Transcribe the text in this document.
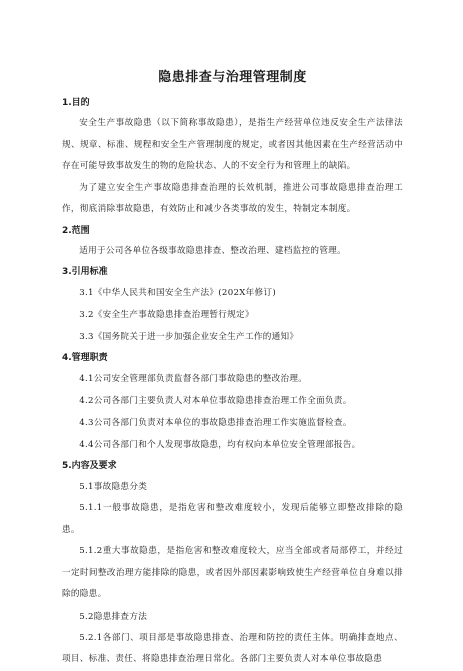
隐患排查与治理管理制度
1.目的

安全生产事故隐患（以下简称事故隐患），是指生产经营单位违反安全生产法律法规、规章、标准、规程和安全生产管理制度的规定，或者因其他因素在生产经营活动中存在可能导致事故发生的物的危险状态、人的不安全行为和管理上的缺陷。

为了建立安全生产事故隐患排查治理的长效机制，推进公司事故隐患排查治理工作，彻底消除事故隐患，有效防止和减少各类事故的发生，特制定本制度。

2.范围

适用于公司各单位各级事故隐患排查、整改治理、建档监控的管理。

3.引用标准

3.1《中华人民共和国安全生产法》(202X年修订)

3.2《安全生产事故隐患排查治理暂行规定》

3.3《国务院关于进一步加强企业安全生产工作的通知》

4.管理职责

4.1公司安全管理部负责监督各部门事故隐患的整改治理。

4.2公司各部门主要负责人对本单位事故隐患排查治理工作全面负责。

4.3公司各部门负责对本单位的事故隐患排查治理工作实施监督检查。

4.4公司各部门和个人发现事故隐患，均有权向本单位安全管理部报告。

5.内容及要求

5.1事故隐患分类

5.1.1一般事故隐患，是指危害和整改难度较小，发现后能够立即整改排除的隐患。

5.1.2重大事故隐患，是指危害和整改难度较大，应当全部或者局部停工，并经过一定时间整改治理方能排除的隐患，或者因外部因素影响致使生产经营单位自身难以排除的隐患。

5.2隐患排查方法

5.2.1各部门、项目部是事故隐患排查、治理和防控的责任主体。明确排查地点、项目、标准、责任、将隐患排查治理日常化。各部门主要负责人对本单位事故隐患
